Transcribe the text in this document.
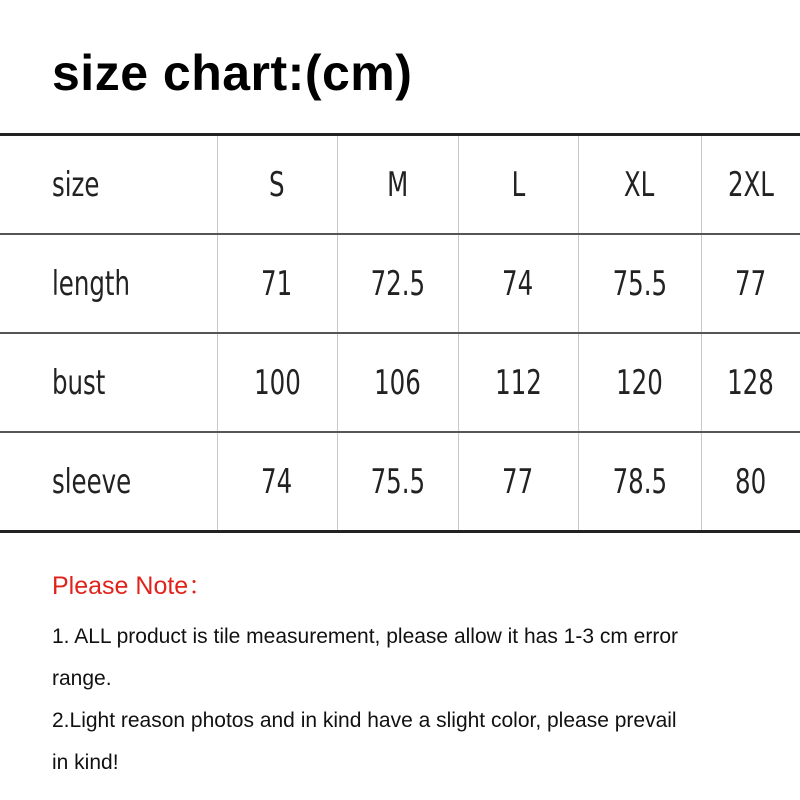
size chart:(cm)
size	S	M	L	XL	2XL
length	71	72.5	74	75.5	77
bust	100	106	112	120	128
sleeve	74	75.5	77	78.5	80

Please Note：

1. ALL product is tile measurement, please allow it has 1-3 cm error

range.

2.Light reason photos and in kind have a slight color, please prevail

in kind!
